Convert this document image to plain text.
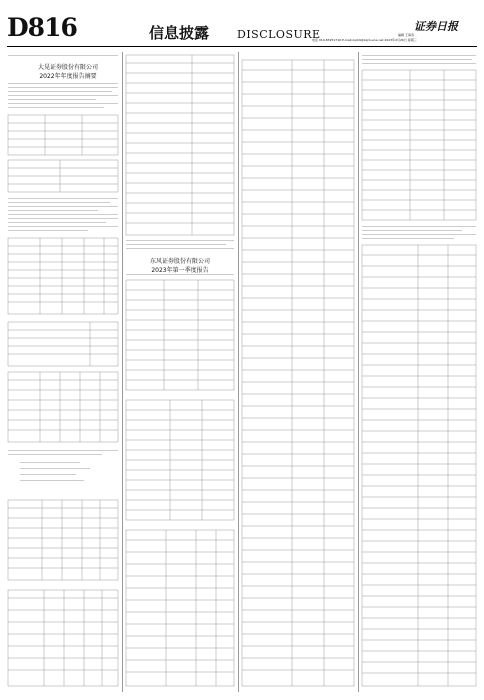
D816	信息披露	DISCLOSURE
证券日报
编辑 王海涛
电话 010-83251716 E-mail:zqrb9@zqrb.sina.net 2023年4月26日 星期三
大晃证券股份有限公司
2022年年度报告摘要
东风证券股份有限公司
2023年第一季度报告
